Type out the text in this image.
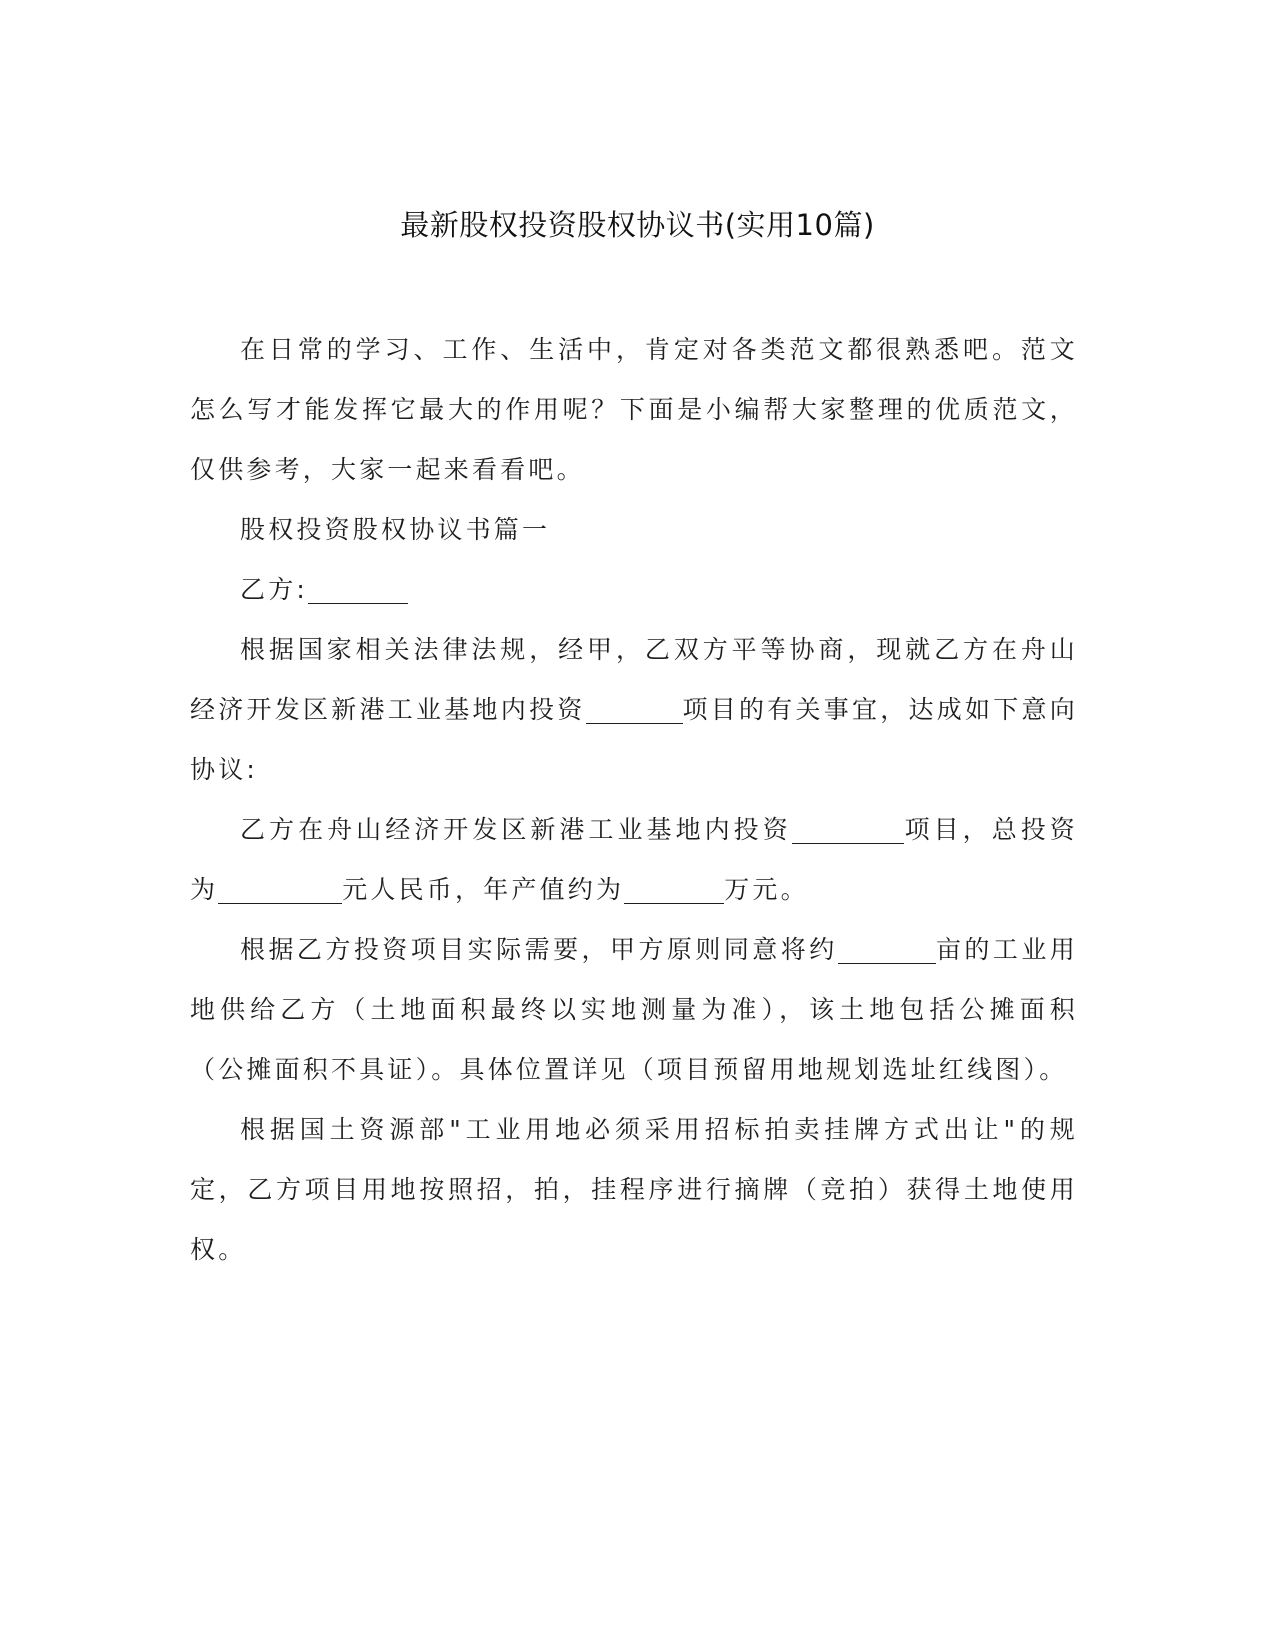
最新股权投资股权协议书(实用10篇)

在日常的学习、工作、生活中，肯定对各类范文都很熟悉吧。范文怎么写才能发挥它最大的作用呢？下面是小编帮大家整理的优质范文，仅供参考，大家一起来看看吧。

股权投资股权协议书篇一

乙方:

根据国家相关法律法规，经甲，乙双方平等协商，现就乙方在舟山经济开发区新港工业基地内投资	项目的有关事宜，达成如下意向协议:

乙方在舟山经济开发区新港工业基地内投资	项目，总投资为	元人民币，年产值约为	万元。

根据乙方投资项目实际需要，甲方原则同意将约	亩的工业用地供给乙方（土地面积最终以实地测量为准），该土地包括公摊面积（公摊面积不具证）。具体位置详见（项目预留用地规划选址红线图）。

根据国土资源部"工业用地必须采用招标拍卖挂牌方式出让"的规定，乙方项目用地按照招，拍，挂程序进行摘牌（竞拍）获得土地使用权。
